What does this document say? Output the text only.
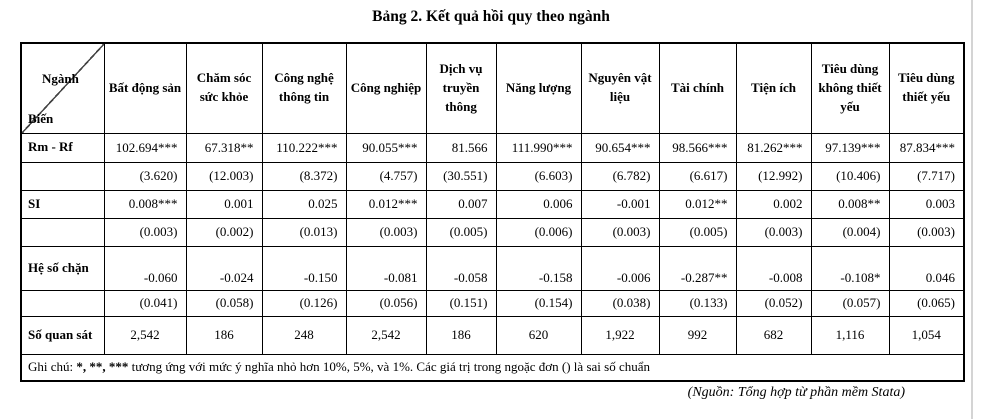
Bảng 2. Kết quả hồi quy theo ngành
Ngành
Biến	Bất động sản	Chăm sóc sức khỏe	Công nghệ thông tin	Công nghiệp	Dịch vụ truyền thông	Năng lượng	Nguyên vật liệu	Tài chính	Tiện ích	Tiêu dùng không thiết yếu	Tiêu dùng thiết yếu
Rm - Rf	102.694***	67.318**	110.222***	90.055***	81.566	111.990***	90.654***	98.566***	81.262***	97.139***	87.834***
	(3.620)	(12.003)	(8.372)	(4.757)	(30.551)	(6.603)	(6.782)	(6.617)	(12.992)	(10.406)	(7.717)
SI	0.008***	0.001	0.025	0.012***	0.007	0.006	-0.001	0.012**	0.002	0.008**	0.003
	(0.003)	(0.002)	(0.013)	(0.003)	(0.005)	(0.006)	(0.003)	(0.005)	(0.003)	(0.004)	(0.003)
Hệ số chặn	-0.060	-0.024	-0.150	-0.081	-0.058	-0.158	-0.006	-0.287**	-0.008	-0.108*	0.046
	(0.041)	(0.058)	(0.126)	(0.056)	(0.151)	(0.154)	(0.038)	(0.133)	(0.052)	(0.057)	(0.065)
Số quan sát	2,542	186	248	2,542	186	620	1,922	992	682	1,116	1,054
Ghi chú: *, **, *** tương ứng với mức ý nghĩa nhỏ hơn 10%, 5%, và 1%. Các giá trị trong ngoặc đơn () là sai số chuẩn											
(Nguồn: Tổng hợp từ phần mềm Stata)
